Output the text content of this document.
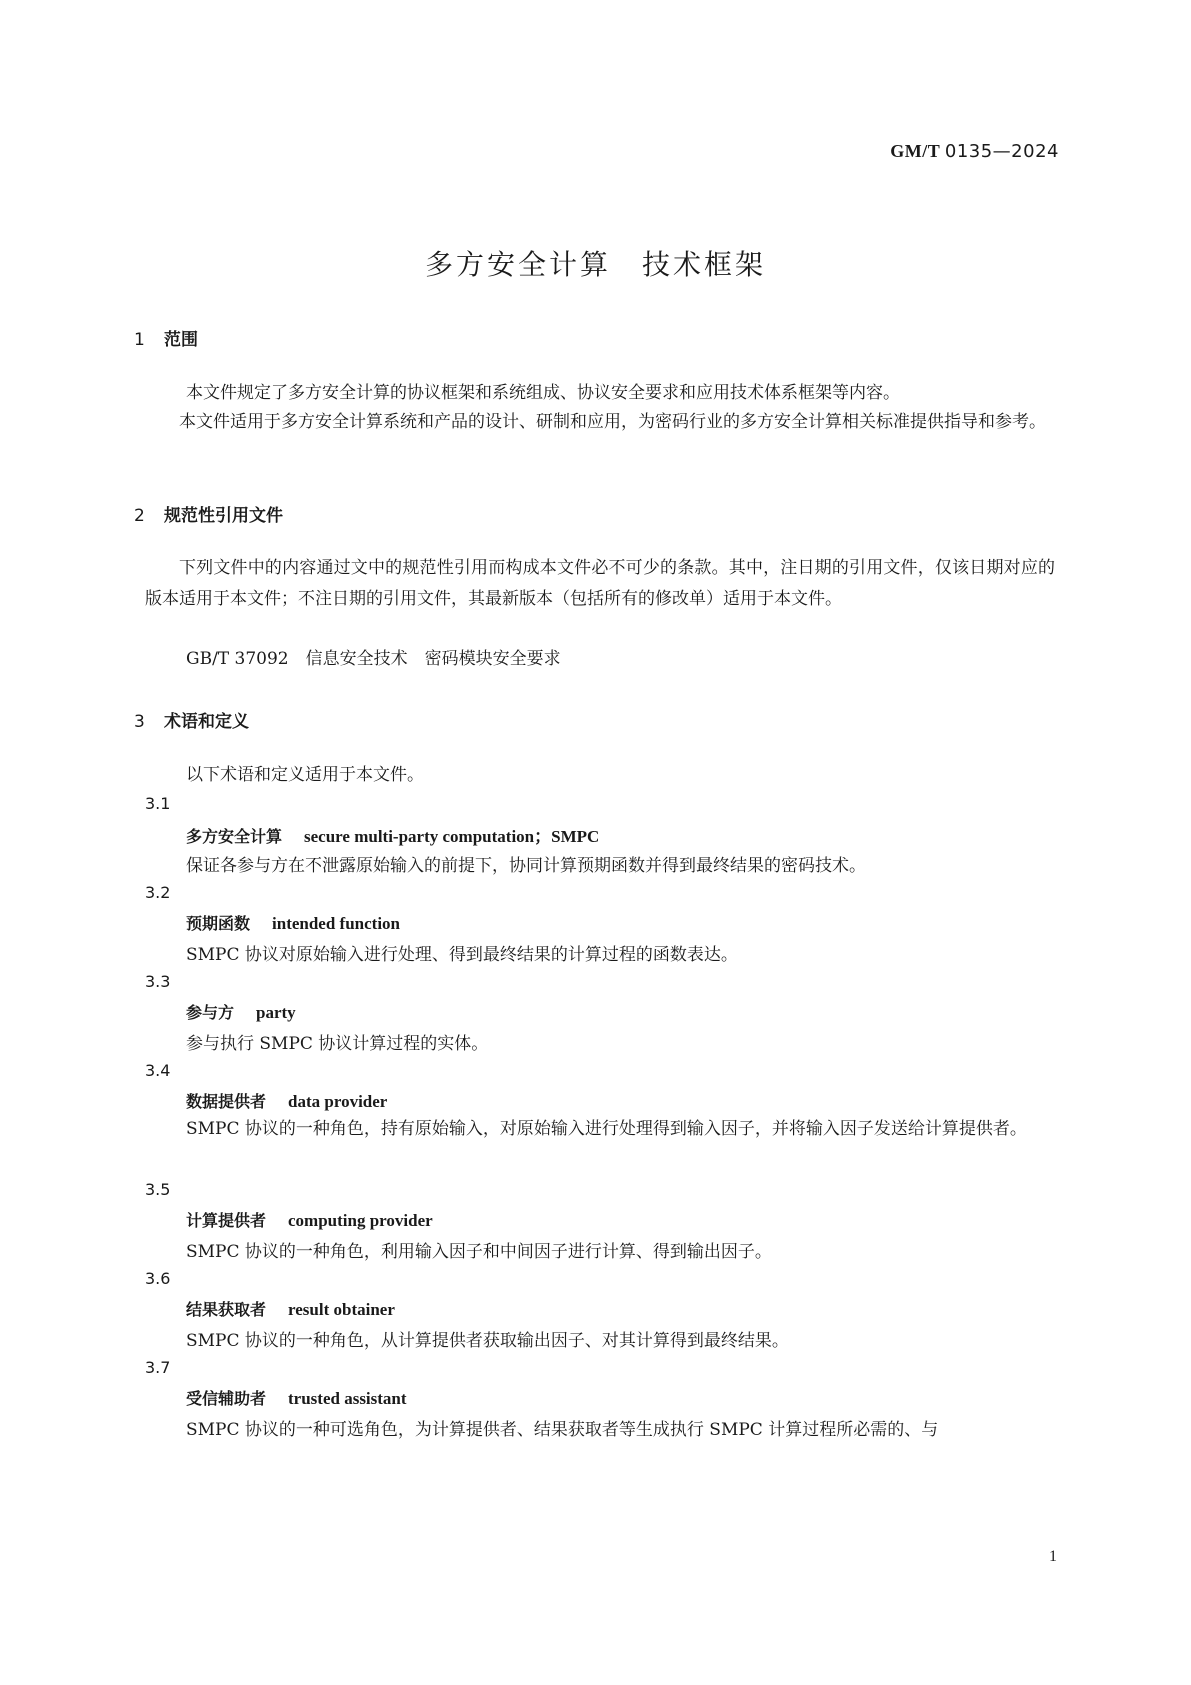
GM/T 0135—2024
多方安全计算　技术框架
1 范围
本文件规定了多方安全计算的协议框架和系统组成、协议安全要求和应用技术体系框架等内容。
本文件适用于多方安全计算系统和产品的设计、研制和应用，为密码行业的多方安全计算相关标准提供指导和参考。
2 规范性引用文件
下列文件中的内容通过文中的规范性引用而构成本文件必不可少的条款。其中，注日期的引用文件，仅该日期对应的版本适用于本文件；不注日期的引用文件，其最新版本（包括所有的修改单）适用于本文件。
GB/T 37092　信息安全技术　密码模块安全要求
3 术语和定义
以下术语和定义适用于本文件。
3.1
多方安全计算 secure multi-party computation；SMPC
保证各参与方在不泄露原始输入的前提下，协同计算预期函数并得到最终结果的密码技术。
3.2
预期函数 intended function
SMPC 协议对原始输入进行处理、得到最终结果的计算过程的函数表达。
3.3
参与方 party
参与执行 SMPC 协议计算过程的实体。
3.4
数据提供者 data provider
SMPC 协议的一种角色，持有原始输入，对原始输入进行处理得到输入因子，并将输入因子发送给计算提供者。
3.5
计算提供者 computing provider
SMPC 协议的一种角色，利用输入因子和中间因子进行计算、得到输出因子。
3.6
结果获取者 result obtainer
SMPC 协议的一种角色，从计算提供者获取输出因子、对其计算得到最终结果。
3.7
受信辅助者 trusted assistant
SMPC 协议的一种可选角色，为计算提供者、结果获取者等生成执行 SMPC 计算过程所必需的、与
1
